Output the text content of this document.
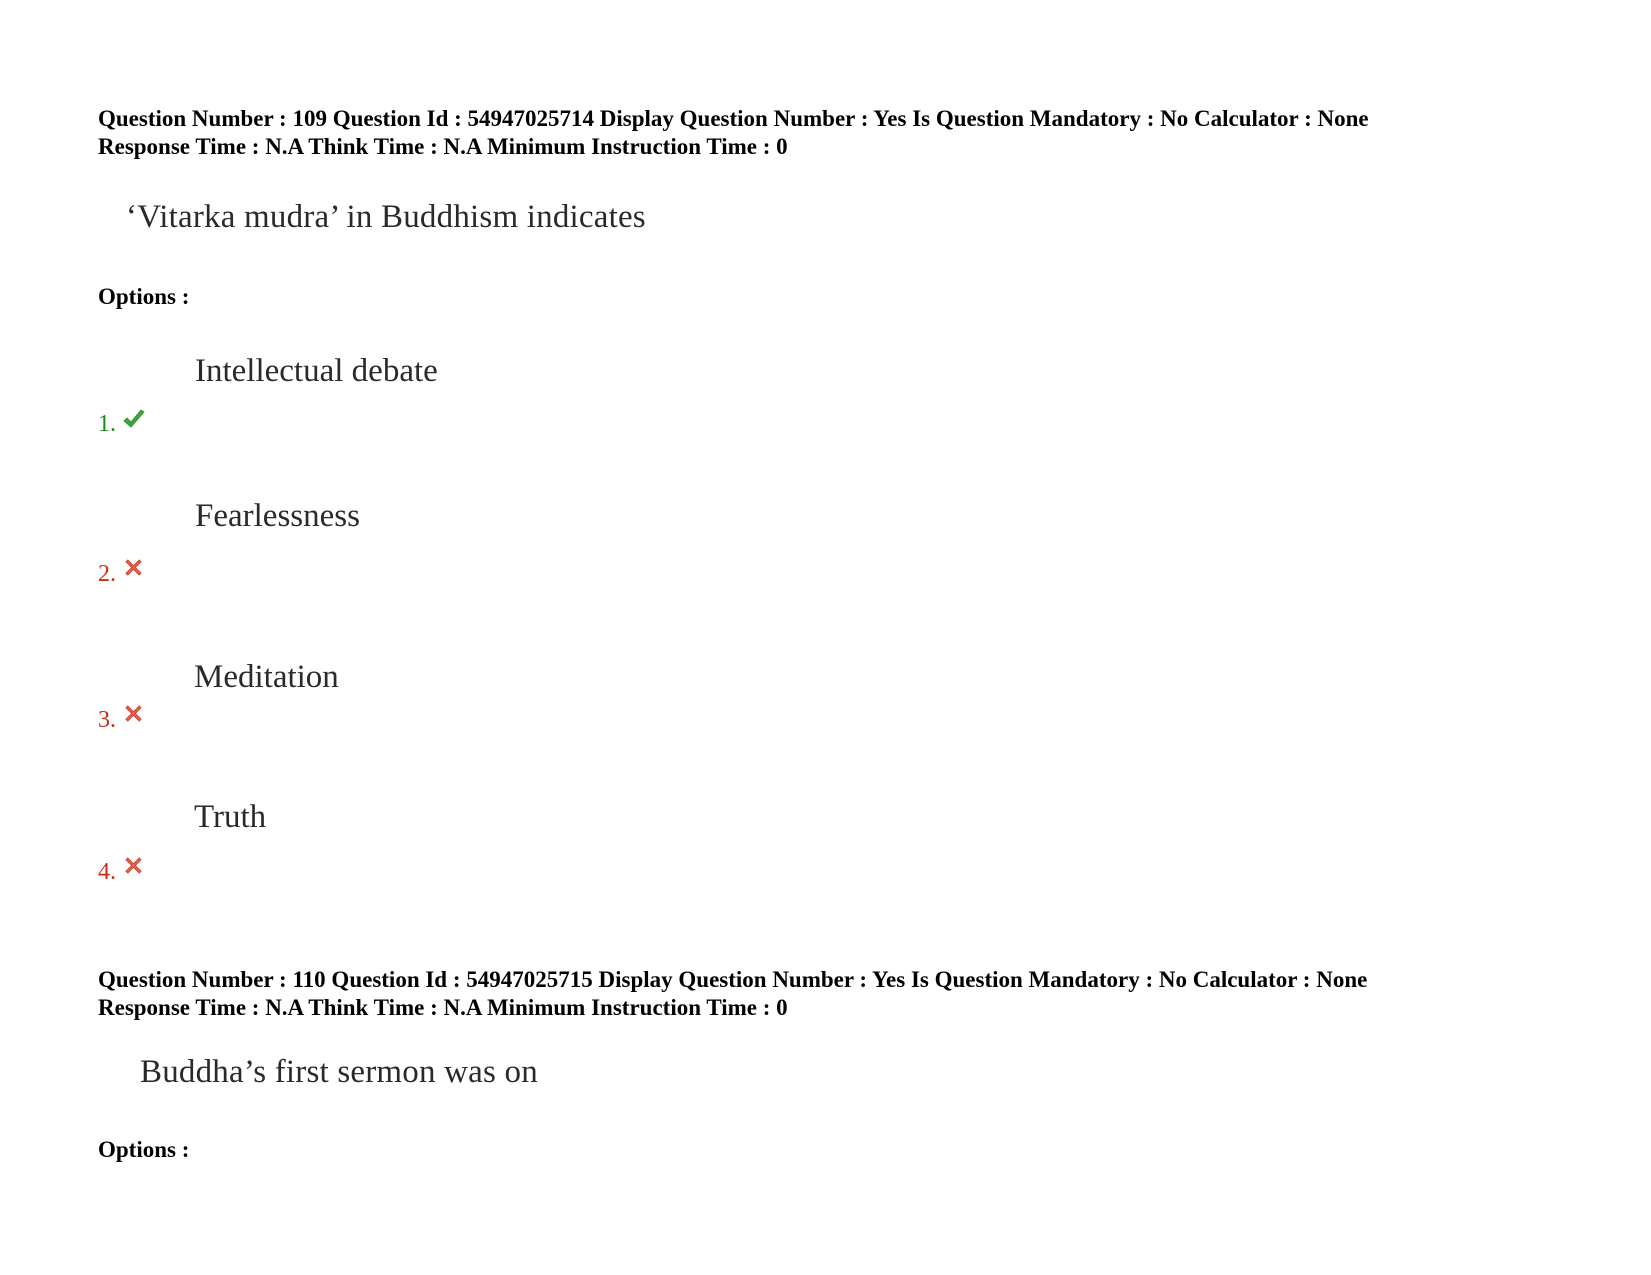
Question Number : 109 Question Id : 54947025714 Display Question Number : Yes Is Question Mandatory : No Calculator : None
Response Time : N.A Think Time : N.A Minimum Instruction Time : 0
‘Vitarka mudra’ in Buddhism indicates
Options :
Intellectual debate
1.
Fearlessness
2.
Meditation
3.
Truth
4.
Question Number : 110 Question Id : 54947025715 Display Question Number : Yes Is Question Mandatory : No Calculator : None
Response Time : N.A Think Time : N.A Minimum Instruction Time : 0
Buddha’s first sermon was on
Options :
